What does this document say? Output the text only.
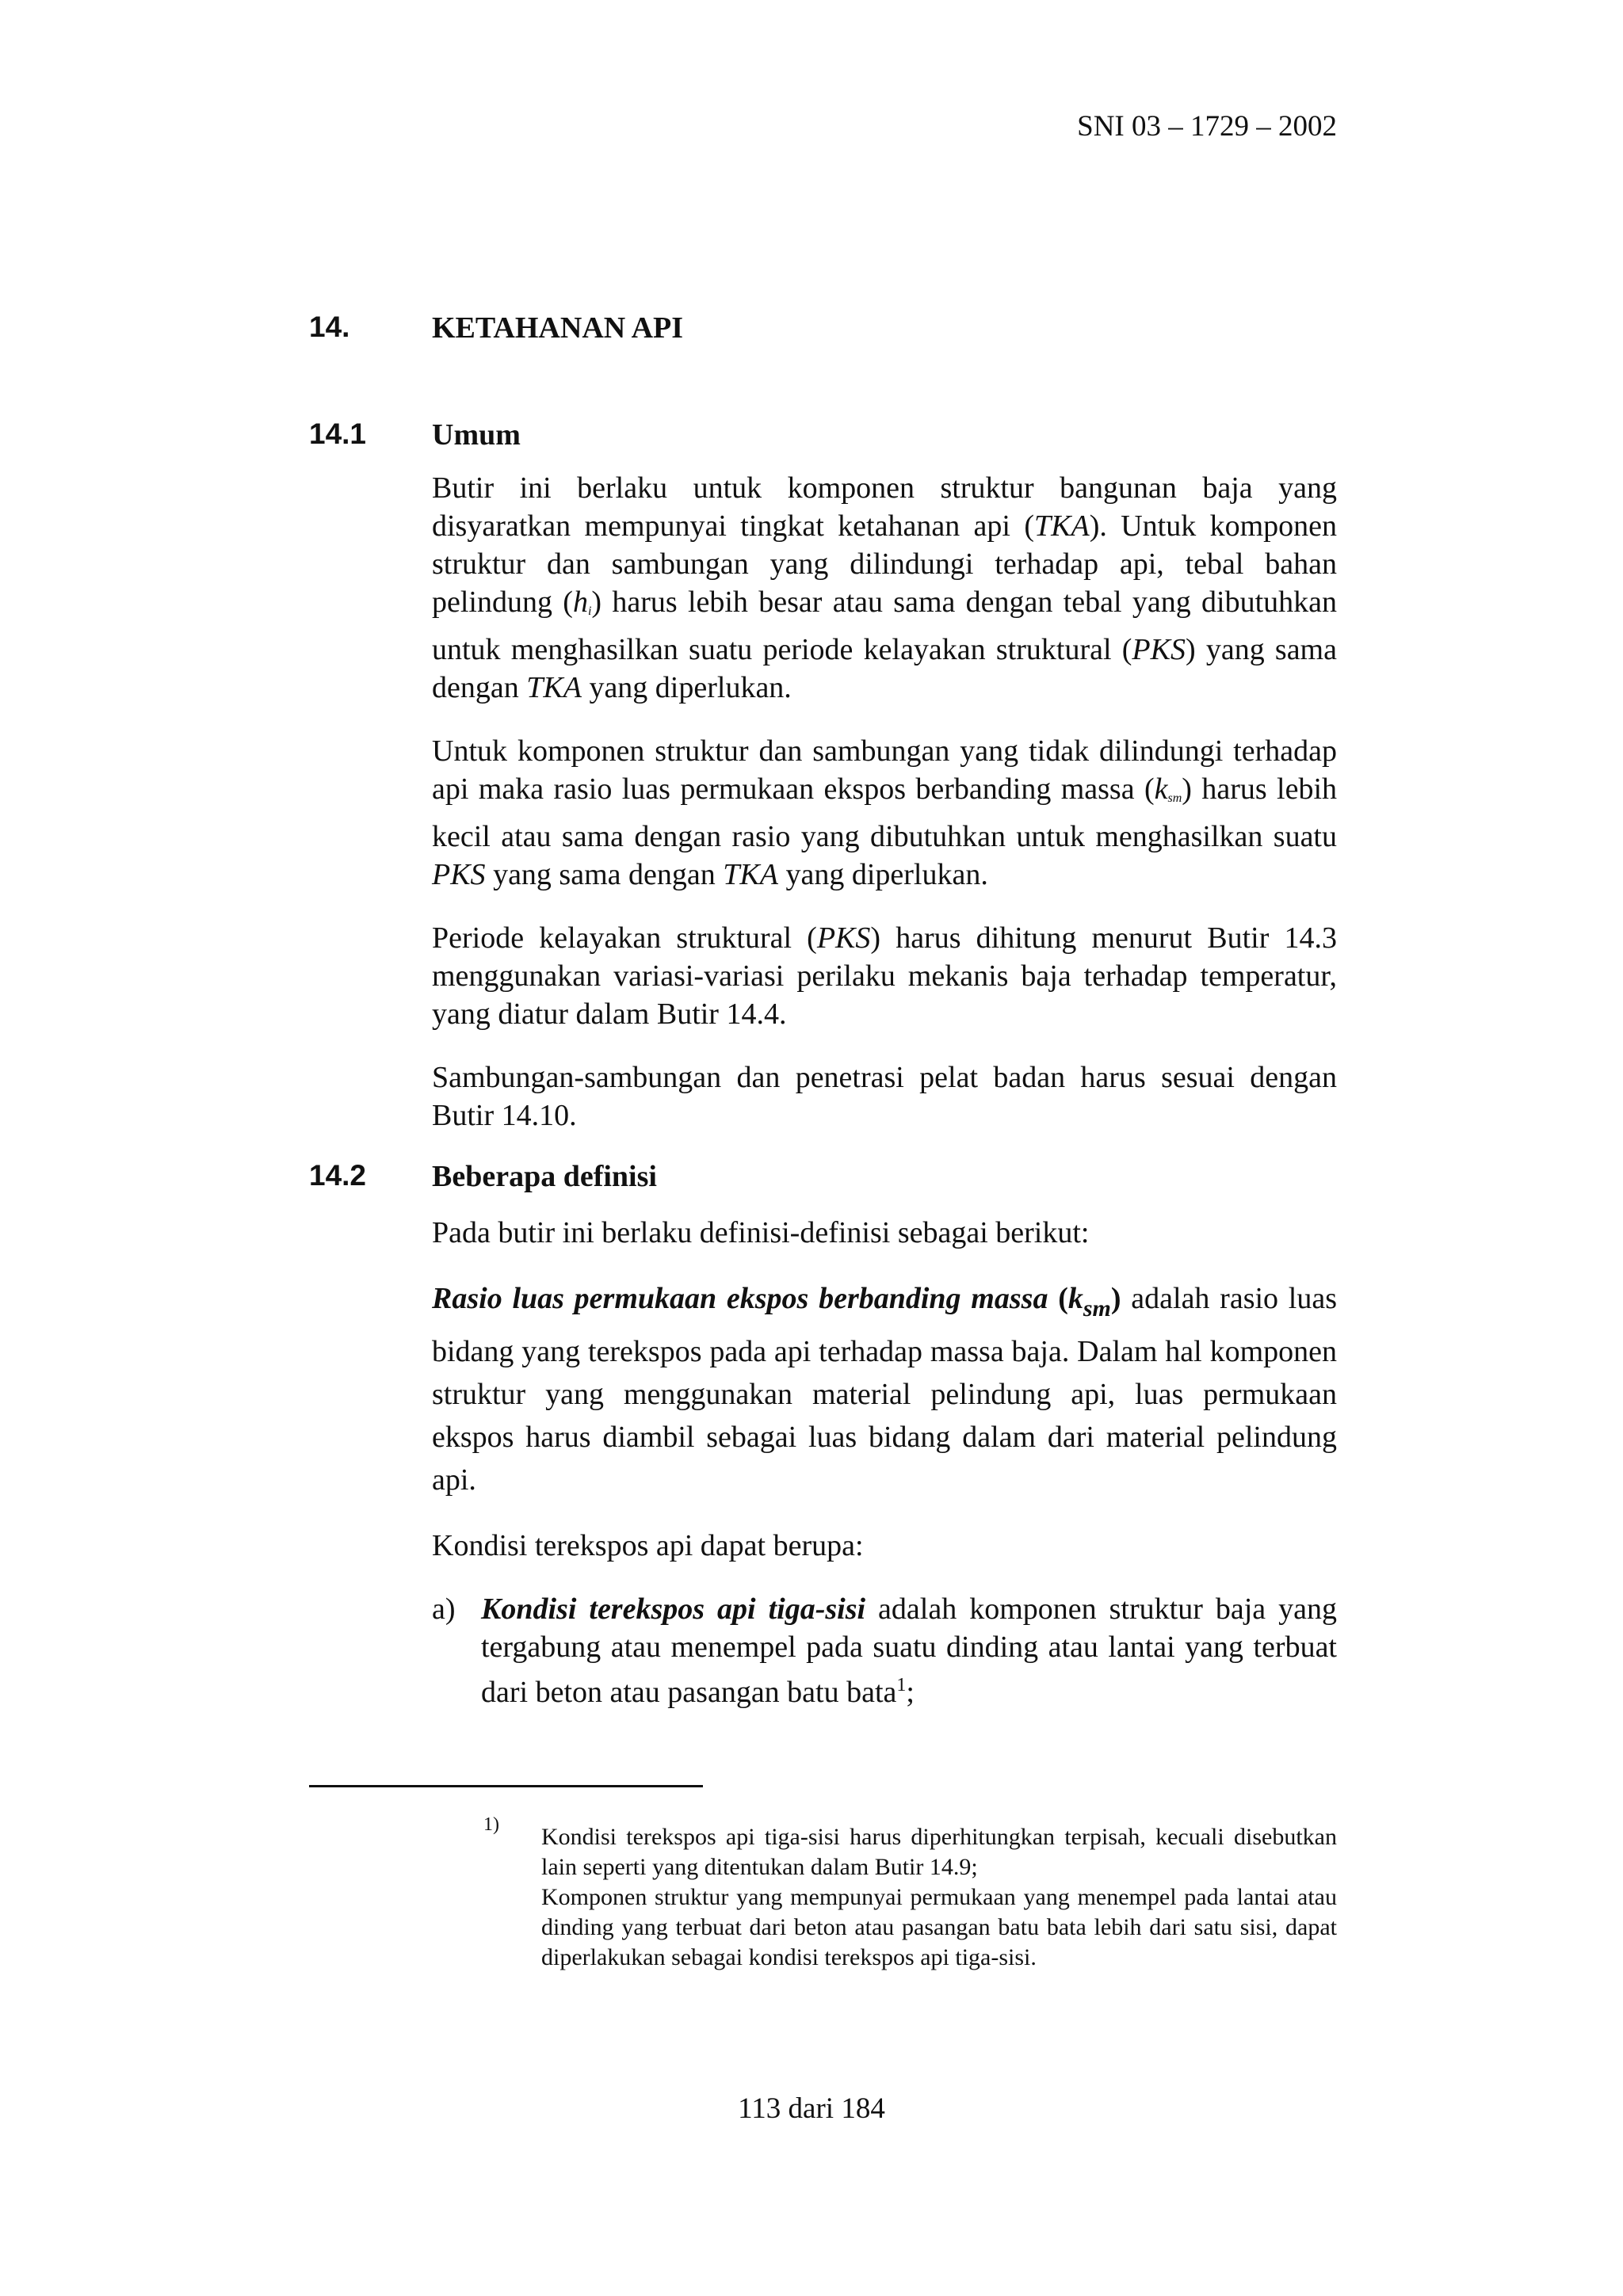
SNI 03 – 1729 – 2002
14.	KETAHANAN API
14.1 Umum

Butir ini berlaku untuk komponen struktur bangunan baja yang disyaratkan mempunyai tingkat ketahanan api (TKA). Untuk komponen struktur dan sambungan yang dilindungi terhadap api, tebal bahan pelindung $(h_i)$ harus lebih besar atau sama dengan tebal yang dibutuhkan untuk menghasilkan suatu periode kelayakan struktural (PKS) yang sama dengan TKA yang diperlukan.

Untuk komponen struktur dan sambungan yang tidak dilindungi terhadap api maka rasio luas permukaan ekspos berbanding massa $(k_{sm})$ harus lebih kecil atau sama dengan rasio yang dibutuhkan untuk menghasilkan suatu PKS yang sama dengan TKA yang diperlukan.

Periode kelayakan struktural (PKS) harus dihitung menurut Butir 14.3 menggunakan variasi-variasi perilaku mekanis baja terhadap temperatur, yang diatur dalam Butir 14.4.

Sambungan-sambungan dan penetrasi pelat badan harus sesuai dengan Butir 14.10.

14.2 Beberapa definisi

Pada butir ini berlaku definisi-definisi sebagai berikut:

Rasio luas permukaan ekspos berbanding massa $(k_{sm})$ adalah rasio luas bidang yang terekspos pada api terhadap massa baja. Dalam hal komponen struktur yang menggunakan material pelindung api, luas permukaan ekspos harus diambil sebagai luas bidang dalam dari material pelindung api.

Kondisi terekspos api dapat berupa:

a) Kondisi terekspos api tiga-sisi adalah komponen struktur baja yang tergabung atau menempel pada suatu dinding atau lantai yang terbuat dari beton atau pasangan batu bata$^1$;
1) Kondisi terekspos api tiga-sisi harus diperhitungkan terpisah, kecuali disebutkan lain seperti yang ditentukan dalam Butir 14.9;

Komponen struktur yang mempunyai permukaan yang menempel pada lantai atau dinding yang terbuat dari beton atau pasangan batu bata lebih dari satu sisi, dapat diperlakukan sebagai kondisi terekspos api tiga-sisi.

113 dari 184
